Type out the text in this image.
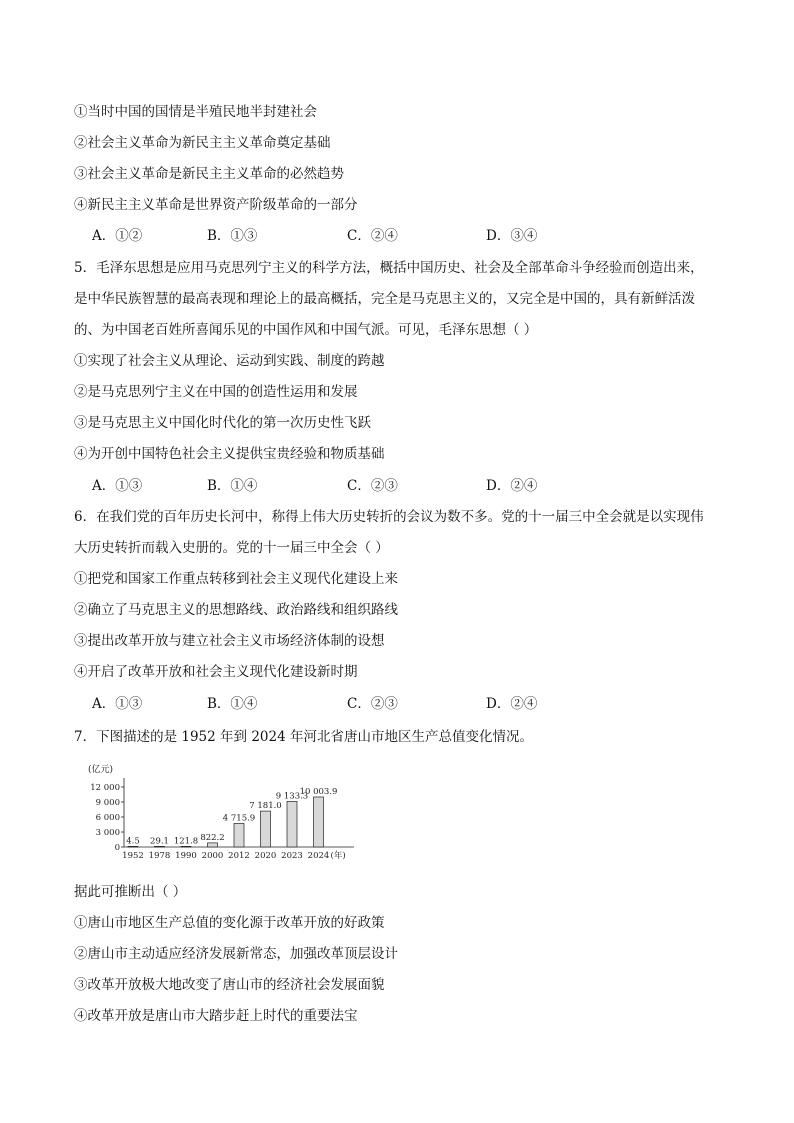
①当时中国的国情是半殖民地半封建社会
②社会主义革命为新民主主义革命奠定基础
③社会主义革命是新民主主义革命的必然趋势
④新民主主义革命是世界资产阶级革命的一部分
A．①②	B．①③	C．②④	D．③④
5．毛泽东思想是应用马克思列宁主义的科学方法，概括中国历史、社会及全部革命斗争经验而创造出来，
是中华民族智慧的最高表现和理论上的最高概括，完全是马克思主义的，又完全是中国的，具有新鲜活泼
的、为中国老百姓所喜闻乐见的中国作风和中国气派。可见，毛泽东思想（ ）
①实现了社会主义从理论、运动到实践、制度的跨越
②是马克思列宁主义在中国的创造性运用和发展
③是马克思主义中国化时代化的第一次历史性飞跃
④为开创中国特色社会主义提供宝贵经验和物质基础
A．①③	B．①④	C．②③	D．②④
6．在我们党的百年历史长河中，称得上伟大历史转折的会议为数不多。党的十一届三中全会就是以实现伟
大历史转折而载入史册的。党的十一届三中全会（ ）
①把党和国家工作重点转移到社会主义现代化建设上来
②确立了马克思主义的思想路线、政治路线和组织路线
③提出改革开放与建立社会主义市场经济体制的设想
④开启了改革开放和社会主义现代化建设新时期
A．①③	B．①④	C．②③	D．②④
7．下图描述的是 1952 年到 2024 年河北省唐山市地区生产总值变化情况。
(亿元)
0
3 000
6 000
9 000
12 000
4.5
1952
29.1
1978
121.8
1990
822.2
2000
4 715.9
2012
7 181.0
2020
9 133.3
2023
10 003.9
2024 (年)
据此可推断出（ ）
①唐山市地区生产总值的变化源于改革开放的好政策
②唐山市主动适应经济发展新常态，加强改革顶层设计
③改革开放极大地改变了唐山市的经济社会发展面貌
④改革开放是唐山市大踏步赶上时代的重要法宝
